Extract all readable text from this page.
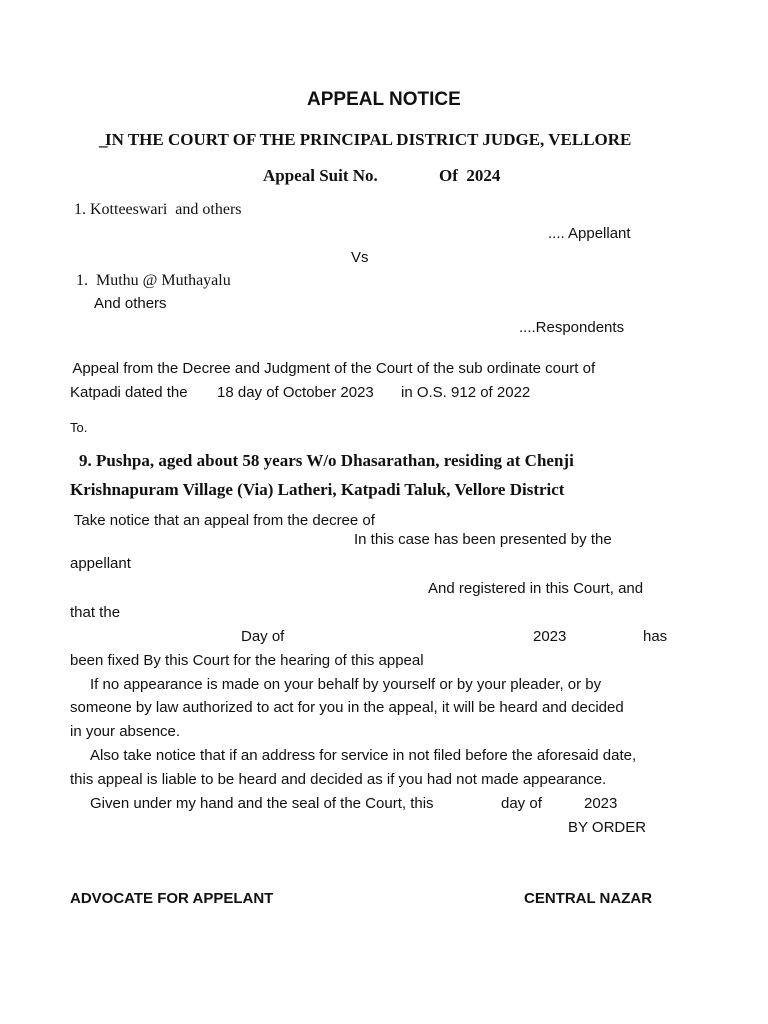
APPEAL NOTICE
_
IN THE COURT OF THE PRINCIPAL DISTRICT JUDGE, VELLORE
Appeal Suit No.	Of  2024
1. Kotteeswari  and others
.... Appellant
Vs
1.  Muthu @ Muthayalu
And others
....Respondents
Appeal from the Decree and Judgment of the Court of the sub ordinate court of
Katpadi dated the 18 day of October 2023 in O.S. 912 of 2022
To.
9. Pushpa, aged about 58 years W/o Dhasarathan, residing at Chenji
Krishnapuram Village (Via) Latheri, Katpadi Taluk, Vellore District
Take notice that an appeal from the decree of
In this case has been presented by the
appellant
And registered in this Court, and
that the
Day of	2023	has
been fixed By this Court for the hearing of this appeal
If no appearance is made on your behalf by yourself or by your pleader, or by
someone by law authorized to act for you in the appeal, it will be heard and decided
in your absence.
Also take notice that if an address for service in not filed before the aforesaid date,
this appeal is liable to be heard and decided as if you had not made appearance.
Given under my hand and the seal of the Court, this	day of	2023
BY ORDER
ADVOCATE FOR APPELANT	CENTRAL NAZAR
